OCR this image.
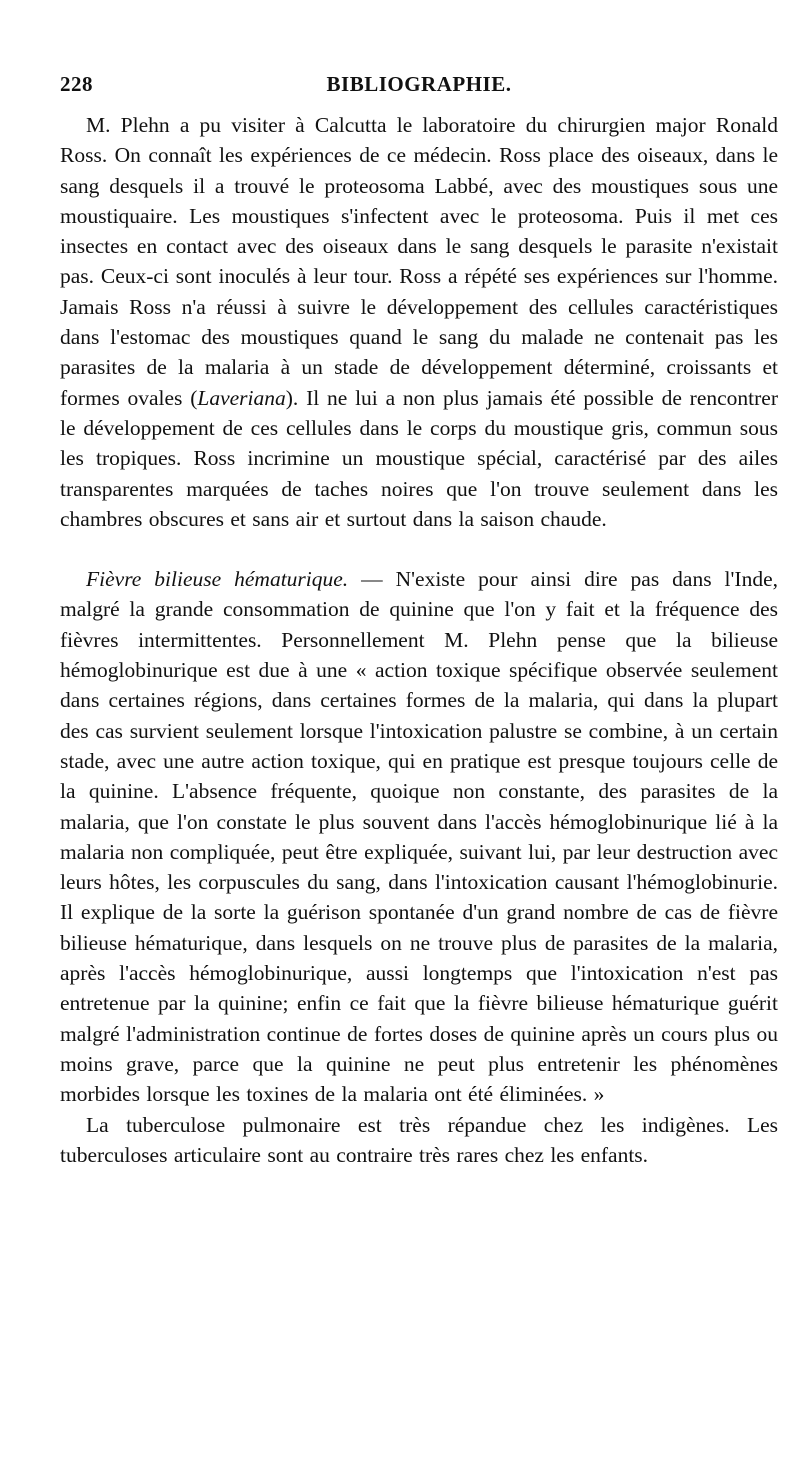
228	BIBLIOGRAPHIE.

M. Plehn a pu visiter à Calcutta le laboratoire du chirurgien major Ronald Ross. On connaît les expériences de ce médecin. Ross place des oiseaux, dans le sang desquels il a trouvé le proteosoma Labbé, avec des moustiques sous une moustiquaire. Les moustiques s'infectent avec le proteosoma. Puis il met ces insectes en contact avec des oiseaux dans le sang desquels le parasite n'existait pas. Ceux-ci sont inoculés à leur tour. Ross a répété ses expériences sur l'homme. Jamais Ross n'a réussi à suivre le développement des cellules caractéristiques dans l'estomac des moustiques quand le sang du malade ne contenait pas les parasites de la malaria à un stade de développement déterminé, croissants et formes ovales (Laveriana). Il ne lui a non plus jamais été possible de rencontrer le développement de ces cellules dans le corps du moustique gris, commun sous les tropiques. Ross incrimine un moustique spécial, caractérisé par des ailes transparentes marquées de taches noires que l'on trouve seulement dans les chambres obscures et sans air et surtout dans la saison chaude.

Fièvre bilieuse hématurique. — N'existe pour ainsi dire pas dans l'Inde, malgré la grande consommation de quinine que l'on y fait et la fréquence des fièvres intermittentes. Personnellement M. Plehn pense que la bilieuse hémoglobinurique est due à une « action toxique spécifique observée seulement dans certaines régions, dans certaines formes de la malaria, qui dans la plupart des cas survient seulement lorsque l'intoxication palustre se combine, à un certain stade, avec une autre action toxique, qui en pratique est presque toujours celle de la quinine. L'absence fréquente, quoique non constante, des parasites de la malaria, que l'on constate le plus souvent dans l'accès hémoglobinurique lié à la malaria non compliquée, peut être expliquée, suivant lui, par leur destruction avec leurs hôtes, les corpuscules du sang, dans l'intoxication causant l'hémoglobinurie. Il explique de la sorte la guérison spontanée d'un grand nombre de cas de fièvre bilieuse hématurique, dans lesquels on ne trouve plus de parasites de la malaria, après l'accès hémoglobinurique, aussi longtemps que l'intoxication n'est pas entretenue par la quinine; enfin ce fait que la fièvre bilieuse hématurique guérit malgré l'administration continue de fortes doses de quinine après un cours plus ou moins grave, parce que la quinine ne peut plus entretenir les phénomènes morbides lorsque les toxines de la malaria ont été éliminées. »

La tuberculose pulmonaire est très répandue chez les indigènes. Les tuberculoses articulaire sont au contraire très rares chez les enfants.
